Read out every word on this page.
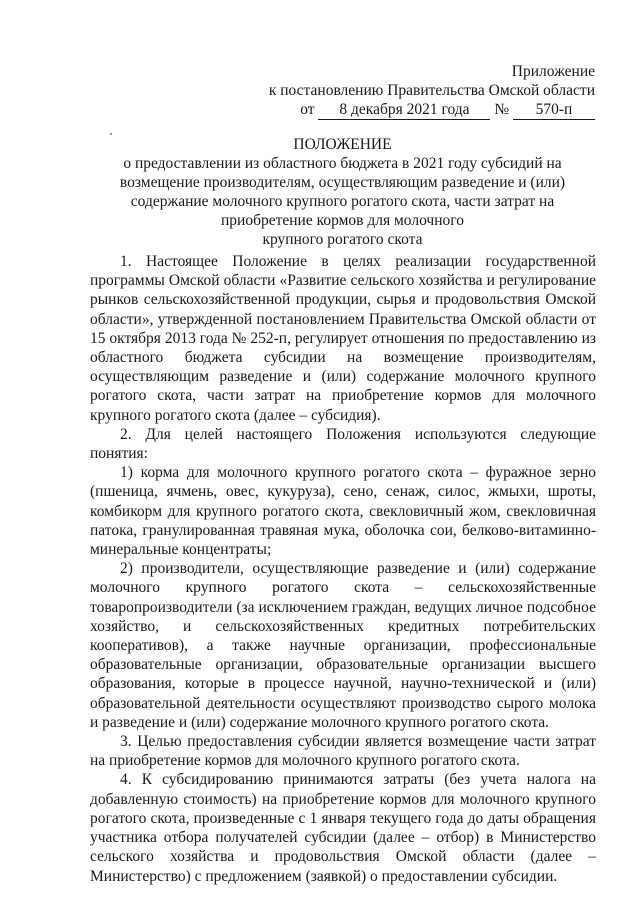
Приложение
к постановлению Правительства Омской области
от 8 декабря 2021 года № 570-п

ПОЛОЖЕНИЕ

о предоставлении из областного бюджета в 2021 году субсидий на

возмещение производителям, осуществляющим разведение и (или)

содержание молочного крупного рогатого скота, части затрат на

приобретение кормов для молочного

крупного рогатого скота

1. Настоящее Положение в целях реализации государственной программы Омской области «Развитие сельского хозяйства и регулирование рынков сельскохозяйственной продукции, сырья и продовольствия Омской области», утвержденной постановлением Правительства Омской области от 15 октября 2013 года № 252-п, регулирует отношения по предоставлению из областного бюджета субсидии на возмещение производителям, осуществляющим разведение и (или) содержание молочного крупного рогатого скота, части затрат на приобретение кормов для молочного крупного рогатого скота (далее – субсидия).

2. Для целей настоящего Положения используются следующие понятия:

1) корма для молочного крупного рогатого скота – фуражное зерно (пшеница, ячмень, овес, кукуруза), сено, сенаж, силос, жмыхи, шроты, комбикорм для крупного рогатого скота, свекловичный жом, свекловичная патока, гранулированная травяная мука, оболочка сои, белково-витаминно-минеральные концентраты;

2) производители, осуществляющие разведение и (или) содержание молочного крупного рогатого скота – сельскохозяйственные товаропроизводители (за исключением граждан, ведущих личное подсобное хозяйство, и сельскохозяйственных кредитных потребительских кооперативов), а также научные организации, профессиональные образовательные организации, образовательные организации высшего образования, которые в процессе научной, научно-технической и (или) образовательной деятельности осуществляют производство сырого молока и разведение и (или) содержание молочного крупного рогатого скота.

3. Целью предоставления субсидии является возмещение части затрат на приобретение кормов для молочного крупного рогатого скота.

4. К субсидированию принимаются затраты (без учета налога на добавленную стоимость) на приобретение кормов для молочного крупного рогатого скота, произведенные с 1 января текущего года до даты обращения участника отбора получателей субсидии (далее – отбор) в Министерство сельского хозяйства и продовольствия Омской области (далее – Министерство) с предложением (заявкой) о предоставлении субсидии.
